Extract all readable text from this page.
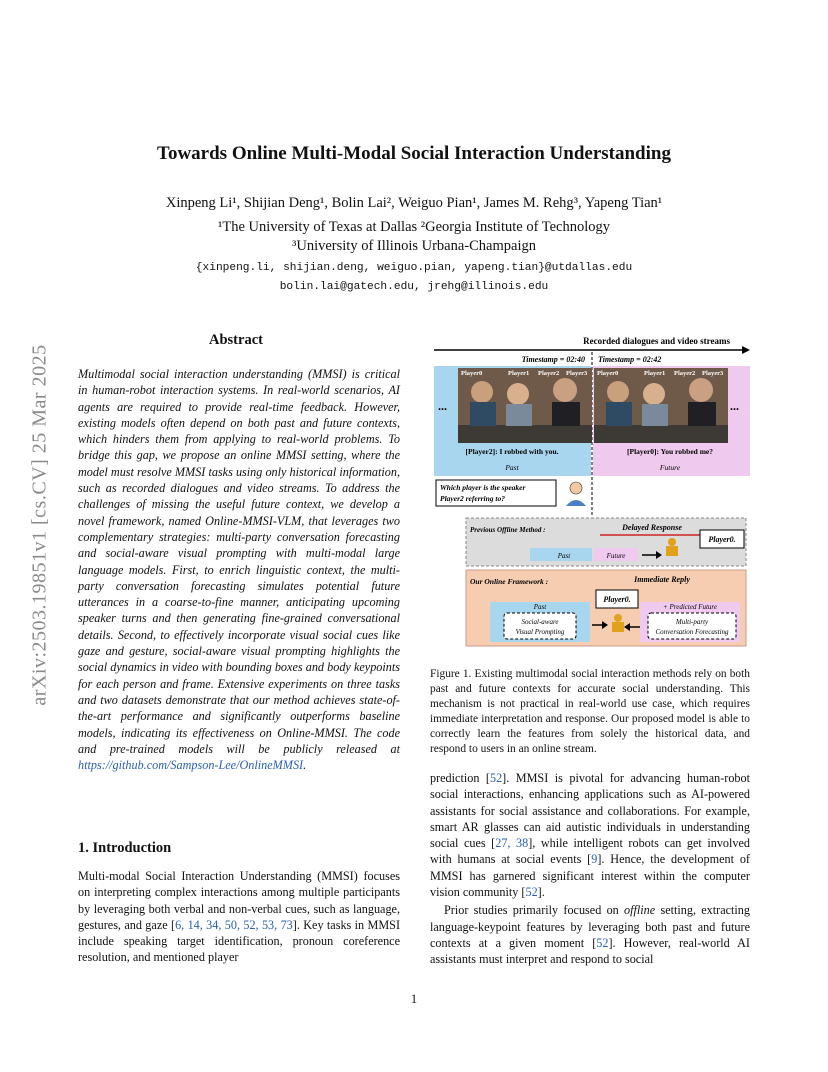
Towards Online Multi-Modal Social Interaction Understanding
Xinpeng Li¹, Shijian Deng¹, Bolin Lai², Weiguo Pian¹, James M. Rehg³, Yapeng Tian¹
¹The University of Texas at Dallas ²Georgia Institute of Technology
³University of Illinois Urbana-Champaign
{xinpeng.li, shijian.deng, weiguo.pian, yapeng.tian}@utdallas.edu
bolin.lai@gatech.edu, jrehg@illinois.edu
arXiv:2503.19851v1 [cs.CV] 25 Mar 2025
Abstract
Multimodal social interaction understanding (MMSI) is critical in human-robot interaction systems. In real-world scenarios, AI agents are required to provide real-time feedback. However, existing models often depend on both past and future contexts, which hinders them from applying to real-world problems. To bridge this gap, we propose an online MMSI setting, where the model must resolve MMSI tasks using only historical information, such as recorded dialogues and video streams. To address the challenges of missing the useful future context, we develop a novel framework, named Online-MMSI-VLM, that leverages two complementary strategies: multi-party conversation forecasting and social-aware visual prompting with multi-modal large language models. First, to enrich linguistic context, the multi-party conversation forecasting simulates potential future utterances in a coarse-to-fine manner, anticipating upcoming speaker turns and then generating fine-grained conversational details. Second, to effectively incorporate visual social cues like gaze and gesture, social-aware visual prompting highlights the social dynamics in video with bounding boxes and body keypoints for each person and frame. Extensive experiments on three tasks and two datasets demonstrate that our method achieves state-of-the-art performance and significantly outperforms baseline models, indicating its effectiveness on Online-MMSI. The code and pre-trained models will be publicly released at https://github.com/Sampson-Lee/OnlineMMSI.
1. Introduction
Multi-modal Social Interaction Understanding (MMSI) focuses on interpreting complex interactions among multiple participants by leveraging both verbal and non-verbal cues, such as language, gestures, and gaze [6, 14, 34, 50, 52, 53, 73]. Key tasks in MMSI include speaking target identification, pronoun coreference resolution, and mentioned player
Recorded dialogues and video streams
Timestamp = 02:40 Timestamp = 02:42
Player0	Player1 Player2 Player3 Player0	Player1 Player2 Player3
...	...
[Player2]: I robbed with you.	[Player0]: You robbed me?
Past	Future
Which player is the speaker
Player2 referring to?
Previous Offline Method :	Delayed Response
Past	Future
Player0.
Our Online Framework :	Immediate Reply
Player0.
Past	+ Predicted Future
Social-aware
Visual Prompting
Multi-party
Conversation Forecasting
Figure 1. Existing multimodal social interaction methods rely on both past and future contexts for accurate social understanding. This mechanism is not practical in real-world use case, which requires immediate interpretation and response. Our proposed model is able to correctly learn the features from solely the historical data, and respond to users in an online stream.

prediction [52]. MMSI is pivotal for advancing human-robot social interactions, enhancing applications such as AI-powered assistants for social assistance and collaborations. For example, smart AR glasses can aid autistic individuals in understanding social cues [27, 38], while intelligent robots can get involved with humans at social events [9]. Hence, the development of MMSI has garnered significant interest within the computer vision community [52].

Prior studies primarily focused on offline setting, extracting language-keypoint features by leveraging both past and future contexts at a given moment [52]. However, real-world AI assistants must interpret and respond to social

1
